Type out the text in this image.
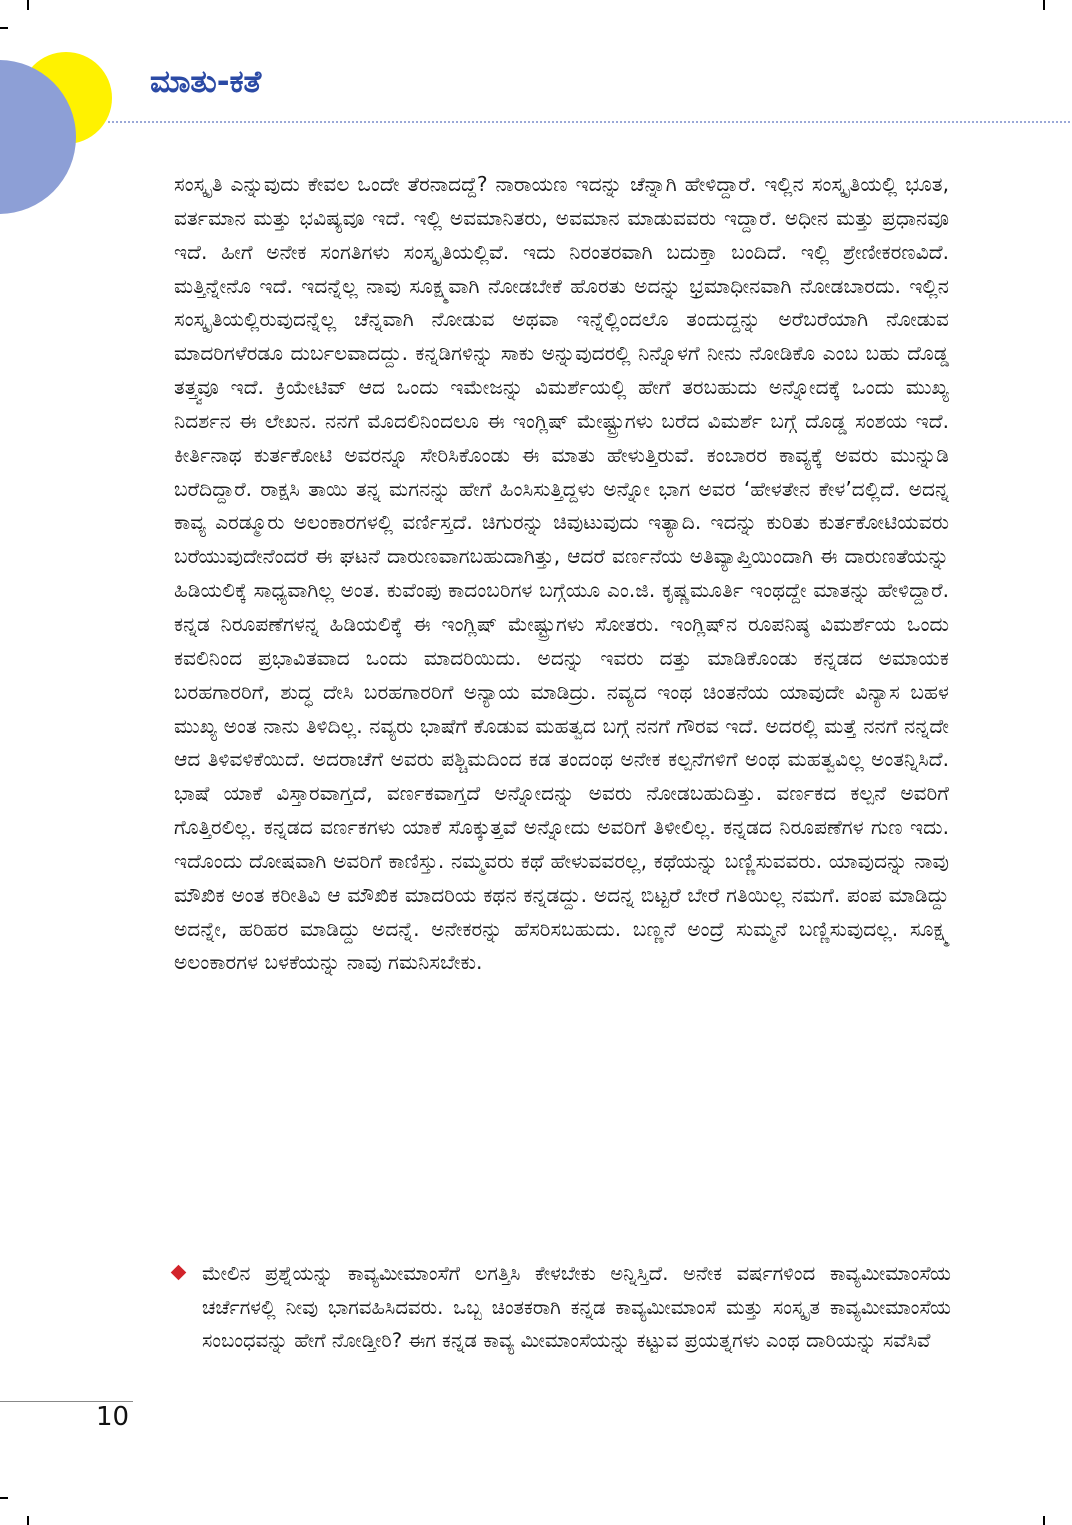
ಮಾತು-ಕತೆ

ಸಂಸ್ಕೃತಿ ಎನ್ನುವುದು ಕೇವಲ ಒಂದೇ ತೆರನಾದದ್ದೆ? ನಾರಾಯಣ ಇದನ್ನು ಚೆನ್ನಾಗಿ ಹೇಳಿದ್ದಾರೆ. ಇಲ್ಲಿನ ಸಂಸ್ಕೃತಿಯಲ್ಲಿ ಭೂತ, ವರ್ತಮಾನ ಮತ್ತು ಭವಿಷ್ಯವೂ ಇದೆ. ಇಲ್ಲಿ ಅವಮಾನಿತರು, ಅವಮಾನ ಮಾಡುವವರು ಇದ್ದಾರೆ. ಅಧೀನ ಮತ್ತು ಪ್ರಧಾನವೂ ಇದೆ. ಹೀಗೆ ಅನೇಕ ಸಂಗತಿಗಳು ಸಂಸ್ಕೃತಿಯಲ್ಲಿವೆ. ಇದು ನಿರಂತರವಾಗಿ ಬದುಕ್ತಾ ಬಂದಿದೆ. ಇಲ್ಲಿ ಶ್ರೇಣೀಕರಣವಿದೆ. ಮತ್ತಿನ್ನೇನೊ ಇದೆ. ಇದನ್ನೆಲ್ಲ ನಾವು ಸೂಕ್ಷ್ಮವಾಗಿ ನೋಡಬೇಕೆ ಹೊರತು ಅದನ್ನು ಭ್ರಮಾಧೀನವಾಗಿ ನೋಡಬಾರದು. ಇಲ್ಲಿನ ಸಂಸ್ಕೃತಿಯಲ್ಲಿರುವುದನ್ನೆಲ್ಲ ಚೆನ್ನವಾಗಿ ನೋಡುವ ಅಥವಾ ಇನ್ನೆಲ್ಲಿಂದಲೊ ತಂದುದ್ದನ್ನು ಅರೆಬರೆಯಾಗಿ ನೋಡುವ ಮಾದರಿಗಳೆರಡೂ ದುರ್ಬಲವಾದದ್ದು. ಕನ್ನಡಿಗಳಿನ್ನು ಸಾಕು ಅನ್ನುವುದರಲ್ಲಿ ನಿನ್ನೊಳಗೆ ನೀನು ನೋಡಿಕೊ ಎಂಬ ಬಹು ದೊಡ್ಡ ತತ್ತ್ವವೂ ಇದೆ. ಕ್ರಿಯೇಟಿವ್ ಆದ ಒಂದು ಇಮೇಜನ್ನು ವಿಮರ್ಶೆಯಲ್ಲಿ ಹೇಗೆ ತರಬಹುದು ಅನ್ನೋದಕ್ಕೆ ಒಂದು ಮುಖ್ಯ ನಿದರ್ಶನ ಈ ಲೇಖನ. ನನಗೆ ಮೊದಲಿನಿಂದಲೂ ಈ ಇಂಗ್ಲಿಷ್ ಮೇಷ್ಟ್ರುಗಳು ಬರೆದ ವಿಮರ್ಶೆ ಬಗ್ಗೆ ದೊಡ್ಡ ಸಂಶಯ ಇದೆ. ಕೀರ್ತಿನಾಥ ಕುರ್ತಕೋಟಿ ಅವರನ್ನೂ ಸೇರಿಸಿಕೊಂಡು ಈ ಮಾತು ಹೇಳುತ್ತಿರುವೆ. ಕಂಬಾರರ ಕಾವ್ಯಕ್ಕೆ ಅವರು ಮುನ್ನುಡಿ ಬರೆದಿದ್ದಾರೆ. ರಾಕ್ಷಸಿ ತಾಯಿ ತನ್ನ ಮಗನನ್ನು ಹೇಗೆ ಹಿಂಸಿಸುತ್ತಿದ್ದಳು ಅನ್ನೋ ಭಾಗ ಅವರ ‘ಹೇಳತೇನ ಕೇಳ’ದಲ್ಲಿದೆ. ಅದನ್ನ ಕಾವ್ಯ ಎರಡ್ಮೂರು ಅಲಂಕಾರಗಳಲ್ಲಿ ವರ್ಣಿಸ್ತದೆ. ಚಿಗುರನ್ನು ಚಿವುಟುವುದು ಇತ್ಯಾದಿ. ಇದನ್ನು ಕುರಿತು ಕುರ್ತಕೋಟಿಯವರು ಬರೆಯುವುದೇನೆಂದರೆ ಈ ಘಟನೆ ದಾರುಣವಾಗಬಹುದಾಗಿತ್ತು, ಆದರೆ ವರ್ಣನೆಯ ಅತಿವ್ಯಾಪ್ತಿಯಿಂದಾಗಿ ಈ ದಾರುಣತೆಯನ್ನು ಹಿಡಿಯಲಿಕ್ಕೆ ಸಾಧ್ಯವಾಗಿಲ್ಲ ಅಂತ. ಕುವೆಂಪು ಕಾದಂಬರಿಗಳ ಬಗ್ಗೆಯೂ ಎಂ.ಜಿ. ಕೃಷ್ಣಮೂರ್ತಿ ಇಂಥದ್ದೇ ಮಾತನ್ನು ಹೇಳಿದ್ದಾರೆ. ಕನ್ನಡ ನಿರೂಪಣೆಗಳನ್ನ ಹಿಡಿಯಲಿಕ್ಕೆ ಈ ಇಂಗ್ಲಿಷ್ ಮೇಷ್ಟ್ರುಗಳು ಸೋತರು. ಇಂಗ್ಲಿಷ್‌ನ ರೂಪನಿಷ್ಠ ವಿಮರ್ಶೆಯ ಒಂದು ಕವಲಿನಿಂದ ಪ್ರಭಾವಿತವಾದ ಒಂದು ಮಾದರಿಯಿದು. ಅದನ್ನು ಇವರು ದತ್ತು ಮಾಡಿಕೊಂಡು ಕನ್ನಡದ ಅಮಾಯಕ ಬರಹಗಾರರಿಗೆ, ಶುದ್ಧ ದೇಸಿ ಬರಹಗಾರರಿಗೆ ಅನ್ಯಾಯ ಮಾಡಿದ್ರು. ನವ್ಯದ ಇಂಥ ಚಿಂತನೆಯ ಯಾವುದೇ ವಿನ್ಯಾಸ ಬಹಳ ಮುಖ್ಯ ಅಂತ ನಾನು ತಿಳಿದಿಲ್ಲ. ನವ್ಯರು ಭಾಷೆಗೆ ಕೊಡುವ ಮಹತ್ವದ ಬಗ್ಗೆ ನನಗೆ ಗೌರವ ಇದೆ. ಅದರಲ್ಲಿ ಮತ್ತೆ ನನಗೆ ನನ್ನದೇ ಆದ ತಿಳಿವಳಿಕೆಯಿದೆ. ಅದರಾಚೆಗೆ ಅವರು ಪಶ್ಚಿಮದಿಂದ ಕಡ ತಂದಂಥ ಅನೇಕ ಕಲ್ಪನೆಗಳಿಗೆ ಅಂಥ ಮಹತ್ವವಿಲ್ಲ ಅಂತನ್ನಿಸಿದೆ. ಭಾಷೆ ಯಾಕೆ ವಿಸ್ತಾರವಾಗ್ತದೆ, ವರ್ಣಕವಾಗ್ತದೆ ಅನ್ನೋದನ್ನು ಅವರು ನೋಡಬಹುದಿತ್ತು. ವರ್ಣಕದ ಕಲ್ಪನೆ ಅವರಿಗೆ ಗೊತ್ತಿರಲಿಲ್ಲ. ಕನ್ನಡದ ವರ್ಣಕಗಳು ಯಾಕೆ ಸೊಕ್ಕುತ್ತವೆ ಅನ್ನೋದು ಅವರಿಗೆ ತಿಳೀಲಿಲ್ಲ. ಕನ್ನಡದ ನಿರೂಪಣೆಗಳ ಗುಣ ಇದು. ಇದೊಂದು ದೋಷವಾಗಿ ಅವರಿಗೆ ಕಾಣಿಸ್ತು. ನಮ್ಮವರು ಕಥೆ ಹೇಳುವವರಲ್ಲ, ಕಥೆಯನ್ನು ಬಣ್ಣಿಸುವವರು. ಯಾವುದನ್ನು ನಾವು ಮೌಖಿಕ ಅಂತ ಕರೀತಿವಿ ಆ ಮೌಖಿಕ ಮಾದರಿಯ ಕಥನ ಕನ್ನಡದ್ದು. ಅದನ್ನ ಬಿಟ್ಟರೆ ಬೇರೆ ಗತಿಯಿಲ್ಲ ನಮಗೆ. ಪಂಪ ಮಾಡಿದ್ದು ಅದನ್ನೇ, ಹರಿಹರ ಮಾಡಿದ್ದು ಅದನ್ನೆ. ಅನೇಕರನ್ನು ಹೆಸರಿಸಬಹುದು. ಬಣ್ಣನೆ ಅಂದ್ರೆ ಸುಮ್ಮನೆ ಬಣ್ಣಿಸುವುದಲ್ಲ. ಸೂಕ್ಷ್ಮ ಅಲಂಕಾರಗಳ ಬಳಕೆಯನ್ನು ನಾವು ಗಮನಿಸಬೇಕು.

ಮೇಲಿನ ಪ್ರಶ್ನೆಯನ್ನು ಕಾವ್ಯಮೀಮಾಂಸೆಗೆ ಲಗತ್ತಿಸಿ ಕೇಳಬೇಕು ಅನ್ನಿಸ್ತಿದೆ. ಅನೇಕ ವರ್ಷಗಳಿಂದ ಕಾವ್ಯಮೀಮಾಂಸೆಯ ಚರ್ಚೆಗಳಲ್ಲಿ ನೀವು ಭಾಗವಹಿಸಿದವರು. ಒಬ್ಬ ಚಿಂತಕರಾಗಿ ಕನ್ನಡ ಕಾವ್ಯಮೀಮಾಂಸೆ ಮತ್ತು ಸಂಸ್ಕೃತ ಕಾವ್ಯಮೀಮಾಂಸೆಯ ಸಂಬಂಧವನ್ನು ಹೇಗೆ ನೋಡ್ತೀರಿ? ಈಗ ಕನ್ನಡ ಕಾವ್ಯ ಮೀಮಾಂಸೆಯನ್ನು ಕಟ್ಟುವ ಪ್ರಯತ್ನಗಳು ಎಂಥ ದಾರಿಯನ್ನು ಸವೆಸಿವೆ
10
